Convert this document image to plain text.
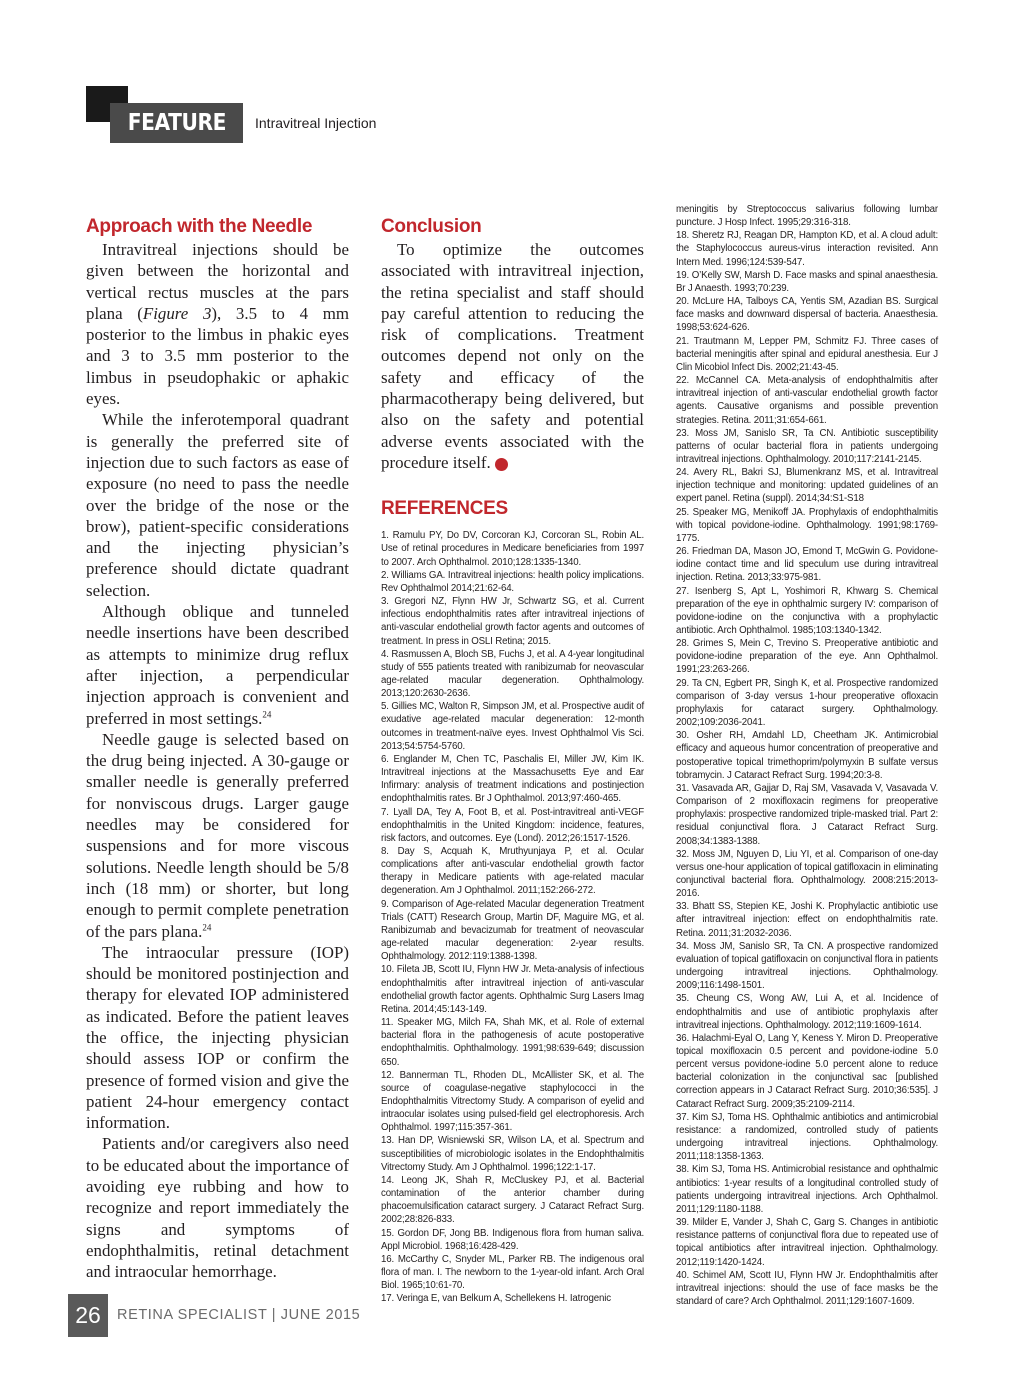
FEATURE Intravitreal Injection
Approach with the Needle

Intravitreal injections should be given between the horizontal and vertical rectus muscles at the pars plana (Figure 3), 3.5 to 4 mm posterior to the limbus in phakic eyes and 3 to 3.5 mm posterior to the limbus in pseudophakic or aphakic eyes.

While the inferotemporal quadrant is generally the preferred site of injection due to such factors as ease of exposure (no need to pass the needle over the bridge of the nose or the brow), patient-specific considerations and the injecting physician’s preference should dictate quadrant selection.

Although oblique and tunneled needle insertions have been described as attempts to minimize drug reflux after injection, a perpendicular injection approach is convenient and preferred in most settings.$^{24}$

Needle gauge is selected based on the drug being injected. A 30-gauge or smaller needle is generally preferred for nonviscous drugs. Larger gauge needles may be considered for suspensions and for more viscous solutions. Needle length should be 5/8 inch (18 mm) or shorter, but long enough to permit complete penetration of the pars plana.$^{24}$

The intraocular pressure (IOP) should be monitored postinjection and therapy for elevated IOP administered as indicated. Before the patient leaves the office, the injecting physician should assess IOP or confirm the presence of formed vision and give the patient 24-hour emergency contact information.

Patients and/or caregivers also need to be educated about the importance of avoiding eye rubbing and how to recognize and report immediately the signs and symptoms of endophthalmitis, retinal detachment and intraocular hemorrhage.

Conclusion

To optimize the outcomes associated with intravitreal injection, the retina specialist and staff should pay careful attention to reducing the risk of complications. Treatment outcomes depend not only on the safety and efficacy of the pharmacotherapy being delivered, but also on the safety and potential adverse events associated with the procedure itself.	RS

REFERENCES

1. Ramulu PY, Do DV, Corcoran KJ, Corcoran SL, Robin AL. Use of retinal procedures in Medicare beneficiaries from 1997 to 2007. Arch Ophthalmol. 2010;128:1335-1340.

2. Williams GA. Intravitreal injections: health policy implications. Rev Ophthalmol 2014;21:62-64.

3. Gregori NZ, Flynn HW Jr, Schwartz SG, et al. Current infectious endophthalmitis rates after intravitreal injections of anti-vascular endothelial growth factor agents and outcomes of treatment. In press in OSLI Retina; 2015.

4. Rasmussen A, Bloch SB, Fuchs J, et al. A 4-year longitudinal study of 555 patients treated with ranibizumab for neovascular age-related macular degeneration. Ophthalmology. 2013;120:2630-2636.

5. Gillies MC, Walton R, Simpson JM, et al. Prospective audit of exudative age-related macular degeneration: 12-month outcomes in treatment-naïve eyes. Invest Ophthalmol Vis Sci. 2013;54:5754-5760.

6. Englander M, Chen TC, Paschalis EI, Miller JW, Kim IK. Intravitreal injections at the Massachusetts Eye and Ear Infirmary: analysis of treatment indications and postinjection endophthalmitis rates. Br J Ophthalmol. 2013;97:460-465.

7. Lyall DA, Tey A, Foot B, et al. Post-intravitreal anti-VEGF endophthalmitis in the United Kingdom: incidence, features, risk factors, and outcomes. Eye (Lond). 2012;26:1517-1526.

8. Day S, Acquah K, Mruthyunjaya P, et al. Ocular complications after anti-vascular endothelial growth factor therapy in Medicare patients with age-related macular degeneration. Am J Ophthalmol. 2011;152:266-272.

9. Comparison of Age-related Macular degeneration Treatment Trials (CATT) Research Group, Martin DF, Maguire MG, et al. Ranibizumab and bevacizumab for treatment of neovascular age-related macular degeneration: 2-year results. Ophthalmology. 2012:119:1388-1398.

10. Fileta JB, Scott IU, Flynn HW Jr. Meta-analysis of infectious endophthalmitis after intravitreal injection of anti-vascular endothelial growth factor agents. Ophthalmic Surg Lasers Imag Retina. 2014;45:143-149.

11. Speaker MG, Milch FA, Shah MK, et al. Role of external bacterial flora in the pathogenesis of acute postoperative endophthalmitis. Ophthalmology. 1991;98:639-649; discussion 650.

12. Bannerman TL, Rhoden DL, McAllister SK, et al. The source of coagulase-negative staphylococci in the Endophthalmitis Vitrectomy Study. A comparison of eyelid and intraocular isolates using pulsed-field gel electrophoresis. Arch Ophthalmol. 1997;115:357-361.

13. Han DP, Wisniewski SR, Wilson LA, et al. Spectrum and susceptibilities of microbiologic isolates in the Endophthalmitis Vitrectomy Study. Am J Ophthalmol. 1996;122:1-17.

14. Leong JK, Shah R, McCluskey PJ, et al. Bacterial contamination of the anterior chamber during phacoemulsification cataract surgery. J Cataract Refract Surg. 2002;28:826-833.

15. Gordon DF, Jong BB. Indigenous flora from human saliva. Appl Microbiol. 1968;16:428-429.

16. McCarthy C, Snyder ML, Parker RB. The indigenous oral flora of man. I. The newborn to the 1-year-old infant. Arch Oral Biol. 1965;10:61-70.

17. Veringa E, van Belkum A, Schellekens H. Iatrogenic

meningitis by Streptococcus salivarius following lumbar puncture. J Hosp Infect. 1995;29:316-318.

18. Sheretz RJ, Reagan DR, Hampton KD, et al. A cloud adult: the Staphylococcus aureus-virus interaction revisited. Ann Intern Med. 1996;124:539-547.

19. O’Kelly SW, Marsh D. Face masks and spinal anaesthesia. Br J Anaesth. 1993;70:239.

20. McLure HA, Talboys CA, Yentis SM, Azadian BS. Surgical face masks and downward dispersal of bacteria. Anaesthesia. 1998;53:624-626.

21. Trautmann M, Lepper PM, Schmitz FJ. Three cases of bacterial meningitis after spinal and epidural anesthesia. Eur J Clin Micobiol Infect Dis. 2002;21:43-45.

22. McCannel CA. Meta-analysis of endophthalmitis after intravitreal injection of anti-vascular endothelial growth factor agents. Causative organisms and possible prevention strategies. Retina. 2011;31:654-661.

23. Moss JM, Sanislo SR, Ta CN. Antibiotic susceptibility patterns of ocular bacterial flora in patients undergoing intravitreal injections. Ophthalmology. 2010;117:2141-2145.

24. Avery RL, Bakri SJ, Blumenkranz MS, et al. Intravitreal injection technique and monitoring: updated guidelines of an expert panel. Retina (suppl). 2014;34:S1-S18

25. Speaker MG, Menikoff JA. Prophylaxis of endophthalmitis with topical povidone-iodine. Ophthalmology. 1991;98:1769-1775.

26. Friedman DA, Mason JO, Emond T, McGwin G. Povidone-iodine contact time and lid speculum use during intravitreal injection. Retina. 2013;33:975-981.

27. Isenberg S, Apt L, Yoshimori R, Khwarg S. Chemical preparation of the eye in ophthalmic surgery IV: comparison of povidone-iodine on the conjunctiva with a prophylactic antibiotic. Arch Ophthalmol. 1985;103:1340-1342.

28. Grimes S, Mein C, Trevino S. Preoperative antibiotic and povidone-iodine preparation of the eye. Ann Ophthalmol. 1991;23:263-266.

29. Ta CN, Egbert PR, Singh K, et al. Prospective randomized comparison of 3-day versus 1-hour preoperative ofloxacin prophylaxis for cataract surgery. Ophthalmology. 2002;109:2036-2041.

30. Osher RH, Amdahl LD, Cheetham JK. Antimicrobial efficacy and aqueous humor concentration of preoperative and postoperative topical trimethoprim/polymyxin B sulfate versus tobramycin. J Cataract Refract Surg. 1994;20:3-8.

31. Vasavada AR, Gajjar D, Raj SM, Vasavada V, Vasavada V. Comparison of 2 moxifloxacin regimens for preoperative prophylaxis: prospective randomized triple-masked trial. Part 2: residual conjunctival flora. J Cataract Refract Surg. 2008;34:1383-1388.

32. Moss JM, Nguyen D, Liu YI, et al. Comparison of one-day versus one-hour application of topical gatifloxacin in eliminating conjunctival bacterial flora. Ophthalmology. 2008:215:2013-2016.

33. Bhatt SS, Stepien KE, Joshi K. Prophylactic antibiotic use after intravitreal injection: effect on endophthalmitis rate. Retina. 2011;31:2032-2036.

34. Moss JM, Sanislo SR, Ta CN. A prospective randomized evaluation of topical gatifloxacin on conjunctival flora in patients undergoing intravitreal injections. Ophthalmology. 2009;116:1498-1501.

35. Cheung CS, Wong AW, Lui A, et al. Incidence of endophthalmitis and use of antibiotic prophylaxis after intravitreal injections. Ophthalmology. 2012;119:1609-1614.

36. Halachmi-Eyal O, Lang Y, Keness Y. Miron D. Preoperative topical moxifloxacin 0.5 percent and povidone-iodine 5.0 percent versus povidone-iodine 5.0 percent alone to reduce bacterial colonization in the conjunctival sac [published correction appears in J Cataract Refract Surg. 2010;36:535]. J Cataract Refract Surg. 2009;35:2109-2114.

37. Kim SJ, Toma HS. Ophthalmic antibiotics and antimicrobial resistance: a randomized, controlled study of patients undergoing intravitreal injections. Ophthalmology. 2011;118:1358-1363.

38. Kim SJ, Toma HS. Antimicrobial resistance and ophthalmic antibiotics: 1-year results of a longitudinal controlled study of patients undergoing intravitreal injections. Arch Ophthalmol. 2011;129:1180-1188.

39. Milder E, Vander J, Shah C, Garg S. Changes in antibiotic resistance patterns of conjunctival flora due to repeated use of topical antibiotics after intravitreal injection. Ophthalmology. 2012;119:1420-1424.

40. Schimel AM, Scott IU, Flynn HW Jr. Endophthalmitis after intravitreal injections: should the use of face masks be the standard of care? Arch Ophthalmol. 2011;129:1607-1609.

26	RETINA SPECIALIST | JUNE 2015
